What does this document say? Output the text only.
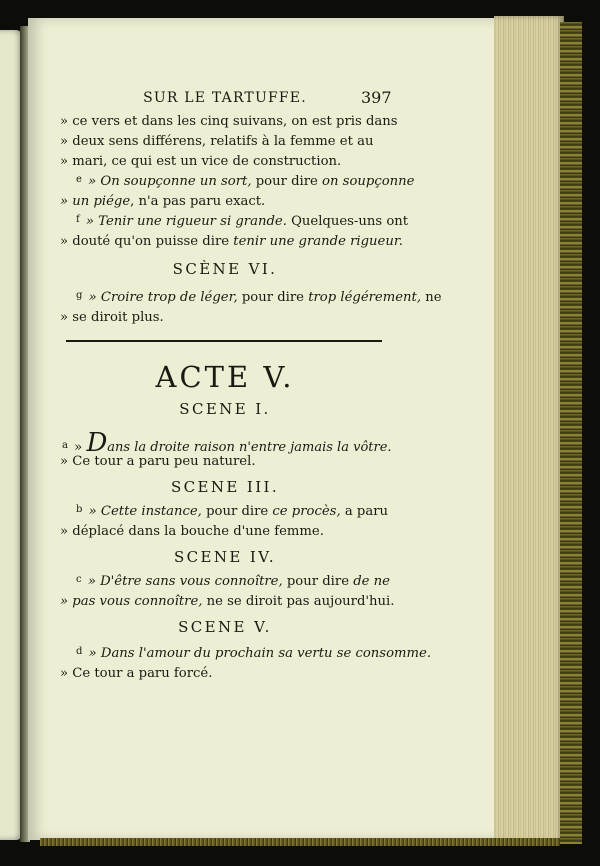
SUR LE TARTUFFE.	397
» ce vers et dans les cinq suivans, on est pris dans
» deux sens différens, relatifs à la femme et au
» mari, ce qui est un vice de construction.
$^e$ » On soupçonne un sort, pour dire on soupçonne
» un piége, n'a pas paru exact.
$^f$ » Tenir une rigueur si grande. Quelques-uns ont
» douté qu'on puisse dire tenir une grande rigueur.
SCÈNE VI.
$^g$ » Croire trop de léger, pour dire trop légérement, ne
» se diroit plus.
ACTE V.
SCENE I.
$^a$ » Dans la droite raison n'entre jamais la vôtre.
» Ce tour a paru peu naturel.
SCENE III.
$^b$ » Cette instance, pour dire ce procès, a paru
» déplacé dans la bouche d'une femme.
SCENE IV.
$^c$ » D'être sans vous connoître, pour dire de ne
» pas vous connoître, ne se diroit pas aujourd'hui.
SCENE V.
$^d$ » Dans l'amour du prochain sa vertu se consomme.
» Ce tour a paru forcé.
